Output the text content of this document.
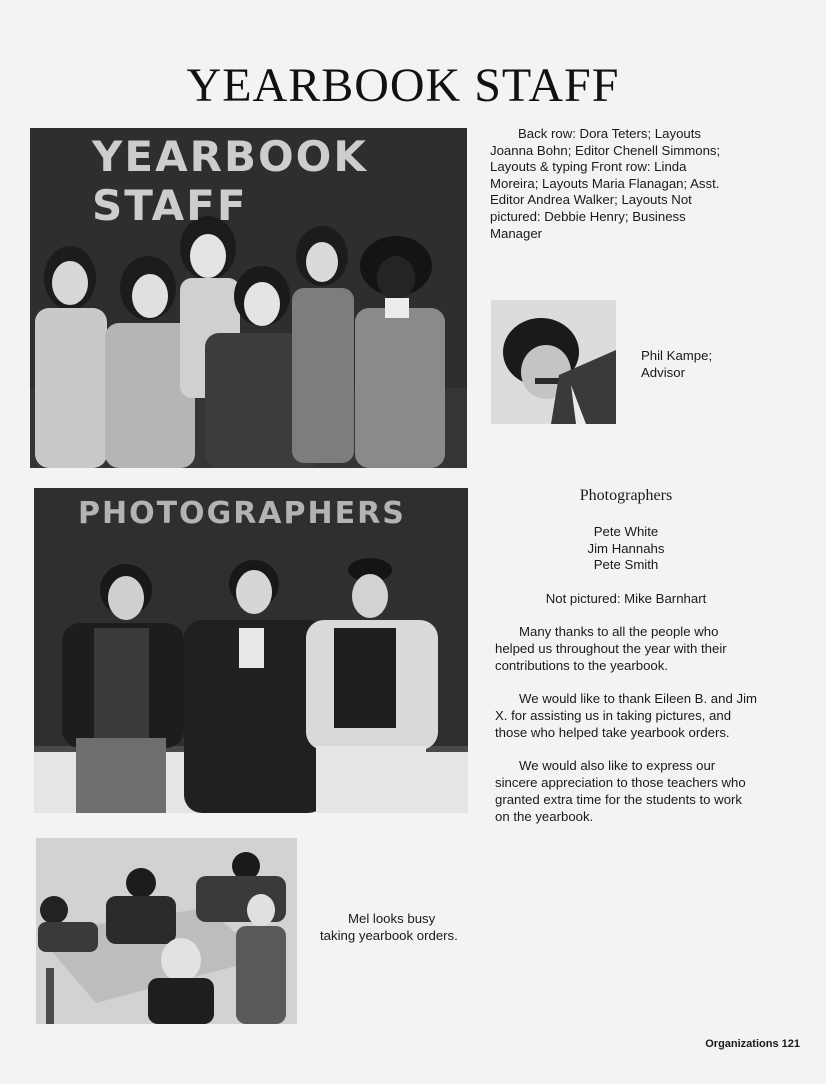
YEARBOOK STAFF
YEARBOOK STAFF
Back row: Dora Teters; Layouts Joanna Bohn; Editor Chenell Simmons; Layouts & typing Front row: Linda Moreira; Layouts Maria Flanagan; Asst. Editor Andrea Walker; Layouts Not pictured: Debbie Henry; Business Manager
Phil Kampe;
Advisor
PHOTOGRAPHERS
Photographers
Pete White
Jim Hannahs
Pete Smith
Not pictured: Mike Barnhart

Many thanks to all the people who helped us throughout the year with their contributions to the yearbook.

We would like to thank Eileen B. and Jim X. for assisting us in taking pictures, and those who helped take yearbook orders.

We would also like to express our sincere appreciation to those teachers who granted extra time for the students to work on the yearbook.

Mel looks busy taking yearbook orders.
Organizations 121
